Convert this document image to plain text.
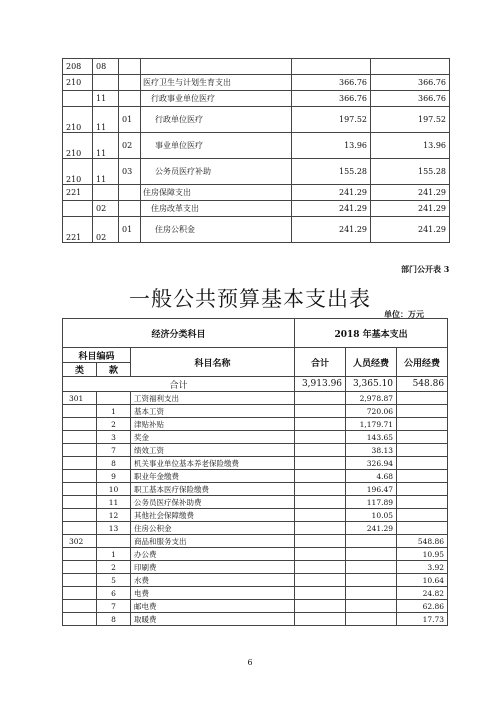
208	08				
210			医疗卫生与计划生育支出	366.76	366.76
	11		行政事业单位医疗	366.76	366.76
210	11	01	行政单位医疗	197.52	197.52
210	11	02	事业单位医疗	13.96	13.96
210	11	03	公务员医疗补助	155.28	155.28
221			住房保障支出	241.29	241.29
	02		住房改革支出	241.29	241.29
221	02	01	住房公积金	241.29	241.29
部门公开表 3
一般公共预算基本支出表
单位：万元
经济分类科目			2018 年基本支出		
科目编码		科目名称	合计	人员经费	公用经费
类	款				
合计			3,913.96	3,365.10	548.86
301		工资福利支出		2,978.87	
	1	基本工资		720.06	
	2	津贴补贴		1,179.71	
	3	奖金		143.65	
	7	绩效工资		38.13	
	8	机关事业单位基本养老保险缴费		326.94	
	9	职业年金缴费		4.68	
	10	职工基本医疗保险缴费		196.47	
	11	公务员医疗保补助费		117.89	
	12	其他社会保障缴费		10.05	
	13	住房公积金		241.29	
302		商品和服务支出			548.86
	1	办公费			10.95
	2	印刷费			3.92
	5	水费			10.64
	6	电费			24.82
	7	邮电费			62.86
	8	取暖费			17.73
6
